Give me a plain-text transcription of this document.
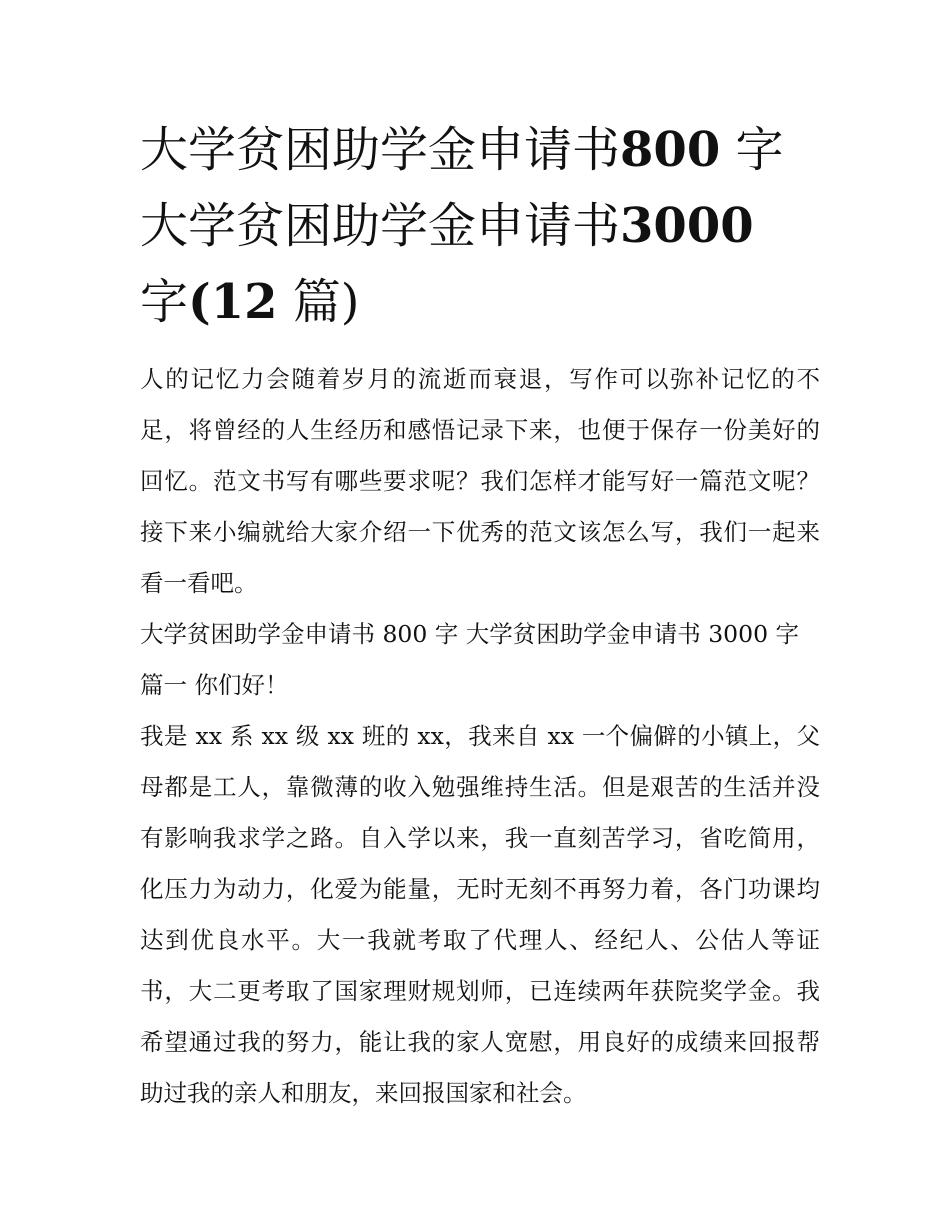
大学贫困助学金申请书800 字
大学贫困助学金申请书3000
字(12 篇)

人的记忆力会随着岁月的流逝而衰退，写作可以弥补记忆的不足，将曾经的人生经历和感悟记录下来，也便于保存一份美好的回忆。范文书写有哪些要求呢？我们怎样才能写好一篇范文呢？接下来小编就给大家介绍一下优秀的范文该怎么写，我们一起来看一看吧。

大学贫困助学金申请书 800 字 大学贫困助学金申请书 3000 字

篇一 你们好！

我是 xx 系 xx 级 xx 班的 xx，我来自 xx 一个偏僻的小镇上，父母都是工人，靠微薄的收入勉强维持生活。但是艰苦的生活并没有影响我求学之路。自入学以来，我一直刻苦学习，省吃简用，化压力为动力，化爱为能量，无时无刻不再努力着，各门功课均达到优良水平。大一我就考取了代理人、经纪人、公估人等证书，大二更考取了国家理财规划师，已连续两年获院奖学金。我希望通过我的努力，能让我的家人宽慰，用良好的成绩来回报帮助过我的亲人和朋友，来回报国家和社会。
